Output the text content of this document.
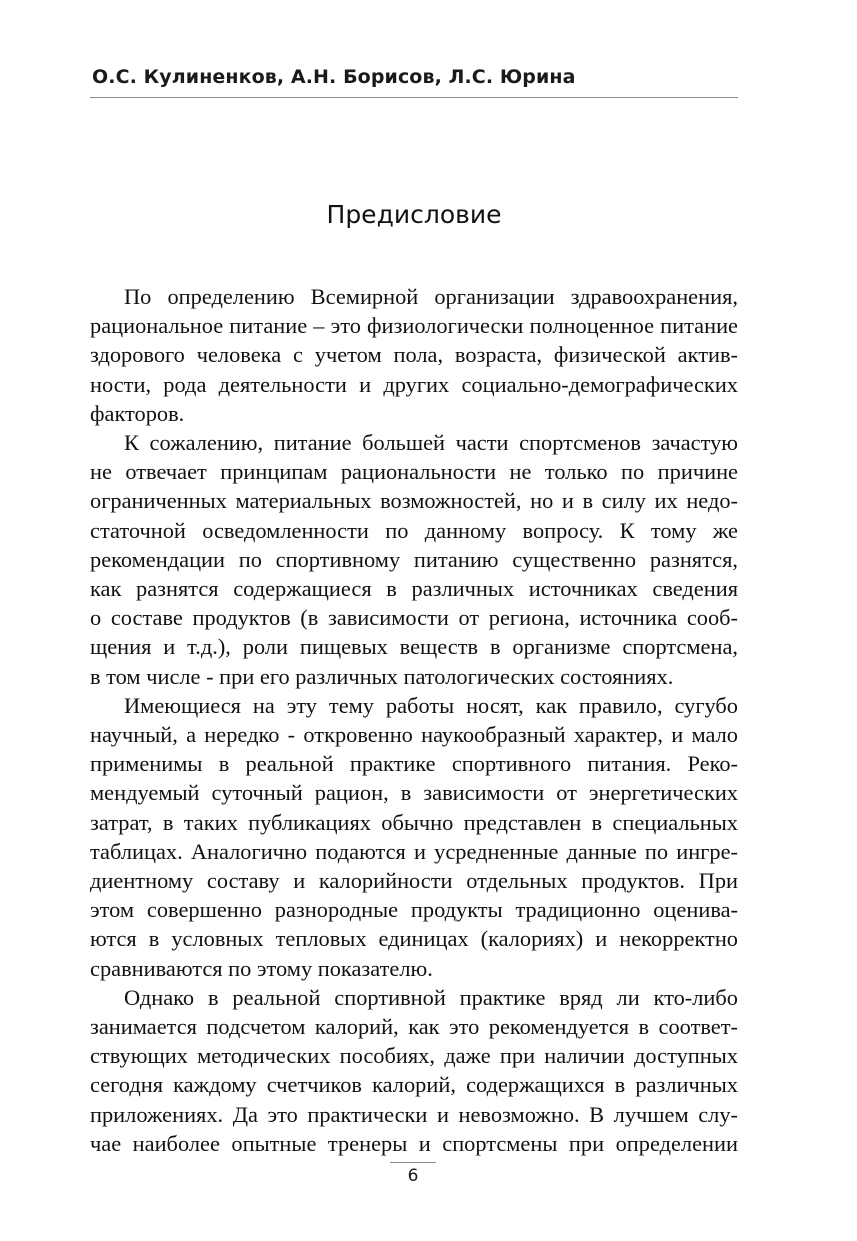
О.С. Кулиненков, А.Н. Борисов, Л.С. Юрина
Предисловие
По определению Всемирной организации здравоохранения,
рациональное питание – это физиологически полноценное питание
здорового человека с учетом пола, возраста, физической актив-
ности, рода деятельности и других социально-демографических
факторов.
К сожалению, питание большей части спортсменов зачастую
не отвечает принципам рациональности не только по причине
ограниченных материальных возможностей, но и в силу их недо-
статочной осведомленности по данному вопросу. К тому же
рекомендации по спортивному питанию существенно разнятся,
как разнятся содержащиеся в различных источниках сведения
о составе продуктов (в зависимости от региона, источника сооб-
щения и т.д.), роли пищевых веществ в организме спортсмена,
в том числе - при его различных патологических состояниях.
Имеющиеся на эту тему работы носят, как правило, сугубо
научный, а нередко - откровенно наукообразный характер, и мало
применимы в реальной практике спортивного питания. Реко-
мендуемый суточный рацион, в зависимости от энергетических
затрат, в таких публикациях обычно представлен в специальных
таблицах. Аналогично подаются и усредненные данные по ингре-
диентному составу и калорийности отдельных продуктов. При
этом совершенно разнородные продукты традиционно оценива-
ются в условных тепловых единицах (калориях) и некорректно
сравниваются по этому показателю.
Однако в реальной спортивной практике вряд ли кто-либо
занимается подсчетом калорий, как это рекомендуется в соответ-
ствующих методических пособиях, даже при наличии доступных
сегодня каждому счетчиков калорий, содержащихся в различных
приложениях. Да это практически и невозможно. В лучшем слу-
чае наиболее опытные тренеры и спортсмены при определении
6
